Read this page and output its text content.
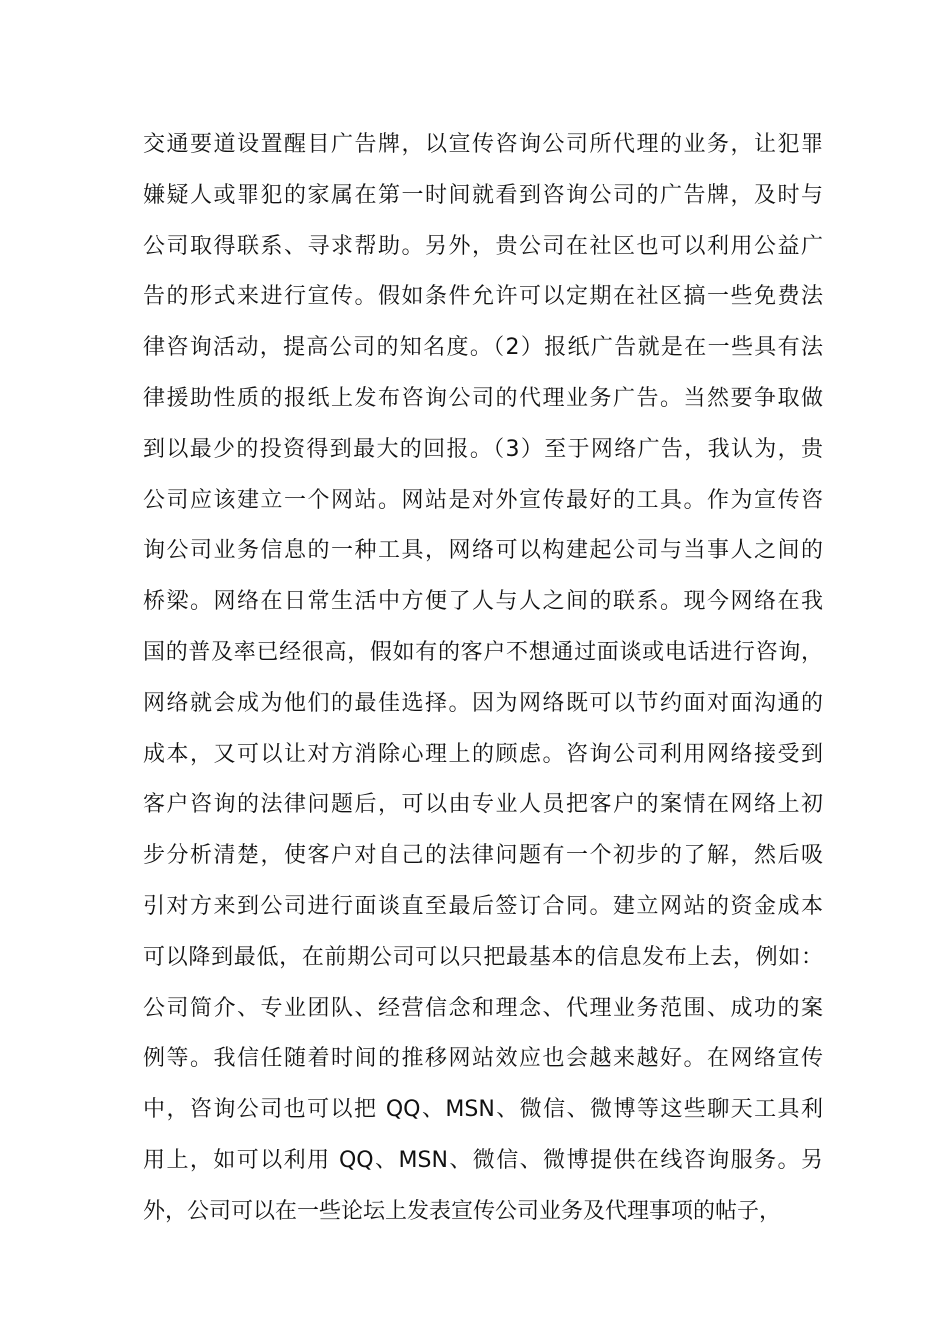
交通要道设置醒目广告牌，以宣传咨询公司所代理的业务，让犯罪
嫌疑人或罪犯的家属在第一时间就看到咨询公司的广告牌，及时与
公司取得联系、寻求帮助。另外，贵公司在社区也可以利用公益广
告的形式来进行宣传。假如条件允许可以定期在社区搞一些免费法
律咨询活动，提高公司的知名度。（2）报纸广告就是在一些具有法
律援助性质的报纸上发布咨询公司的代理业务广告。当然要争取做
到以最少的投资得到最大的回报。（3）至于网络广告，我认为，贵
公司应该建立一个网站。网站是对外宣传最好的工具。作为宣传咨
询公司业务信息的一种工具，网络可以构建起公司与当事人之间的
桥梁。网络在日常生活中方便了人与人之间的联系。现今网络在我
国的普及率已经很高，假如有的客户不想通过面谈或电话进行咨询，
网络就会成为他们的最佳选择。因为网络既可以节约面对面沟通的
成本，又可以让对方消除心理上的顾虑。咨询公司利用网络接受到
客户咨询的法律问题后，可以由专业人员把客户的案情在网络上初
步分析清楚，使客户对自己的法律问题有一个初步的了解，然后吸
引对方来到公司进行面谈直至最后签订合同。建立网站的资金成本
可以降到最低，在前期公司可以只把最基本的信息发布上去，例如：
公司简介、专业团队、经营信念和理念、代理业务范围、成功的案
例等。我信任随着时间的推移网站效应也会越来越好。在网络宣传
中，咨询公司也可以把 QQ、MSN、微信、微博等这些聊天工具利
用上，如可以利用 QQ、MSN、微信、微博提供在线咨询服务。另
外，公司可以在一些论坛上发表宣传公司业务及代理事项的帖子，
